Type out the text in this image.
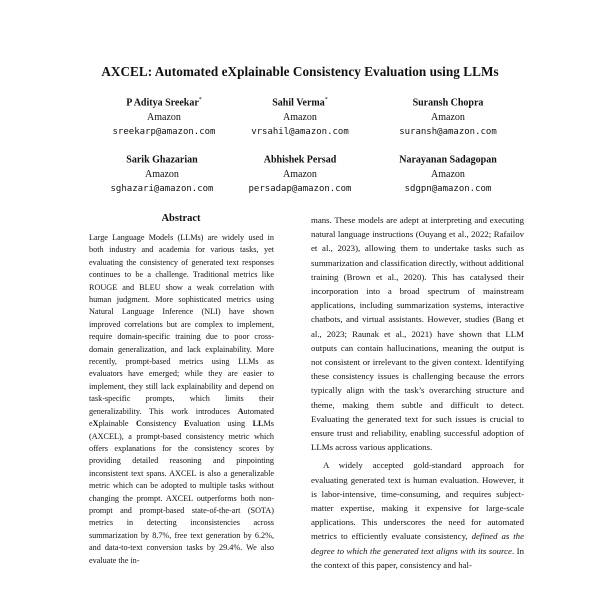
AXCEL: Automated eXplainable Consistency Evaluation using LLMs
P Aditya Sreekar*
Amazon
sreekarp@amazon.com
Sahil Verma*
Amazon
vrsahil@amazon.com
Suransh Chopra
Amazon
suransh@amazon.com
Sarik Ghazarian
Amazon
sghazari@amazon.com
Abhishek Persad
Amazon
persadap@amazon.com
Narayanan Sadagopan
Amazon
sdgpn@amazon.com
Abstract
Large Language Models (LLMs) are widely used in both industry and academia for various tasks, yet evaluating the consistency of generated text responses continues to be a challenge. Traditional metrics like ROUGE and BLEU show a weak correlation with human judgment. More sophisticated metrics using Natural Language Inference (NLI) have shown improved correlations but are complex to implement, require domain-specific training due to poor cross-domain generalization, and lack explainability. More recently, prompt-based metrics using LLMs as evaluators have emerged; while they are easier to implement, they still lack explainability and depend on task-specific prompts, which limits their generalizability. This work introduces Automated eXplainable Consistency Evaluation using LLMs (AXCEL), a prompt-based consistency metric which offers explanations for the consistency scores by providing detailed reasoning and pinpointing inconsistent text spans. AXCEL is also a generalizable metric which can be adopted to multiple tasks without changing the prompt. AXCEL outperforms both non-prompt and prompt-based state-of-the-art (SOTA) metrics in detecting inconsistencies across summarization by 8.7%, free text generation by 6.2%, and data-to-text conversion tasks by 29.4%. We also evaluate the in-

mans. These models are adept at interpreting and executing natural language instructions (Ouyang et al., 2022; Rafailov et al., 2023), allowing them to undertake tasks such as summarization and classification directly, without additional training (Brown et al., 2020). This has catalysed their incorporation into a broad spectrum of mainstream applications, including summarization systems, interactive chatbots, and virtual assistants. However, studies (Bang et al., 2023; Raunak et al., 2021) have shown that LLM outputs can contain hallucinations, meaning the output is not consistent or irrelevant to the given context. Identifying these consistency issues is challenging because the errors typically align with the task’s overarching structure and theme, making them subtle and difficult to detect. Evaluating the generated text for such issues is crucial to ensure trust and reliability, enabling successful adoption of LLMs across various applications.

A widely accepted gold-standard approach for evaluating generated text is human evaluation. However, it is labor-intensive, time-consuming, and requires subject-matter expertise, making it expensive for large-scale applications. This underscores the need for automated metrics to efficiently evaluate consistency, defined as the degree to which the generated text aligns with its source. In the context of this paper, consistency and hal-
